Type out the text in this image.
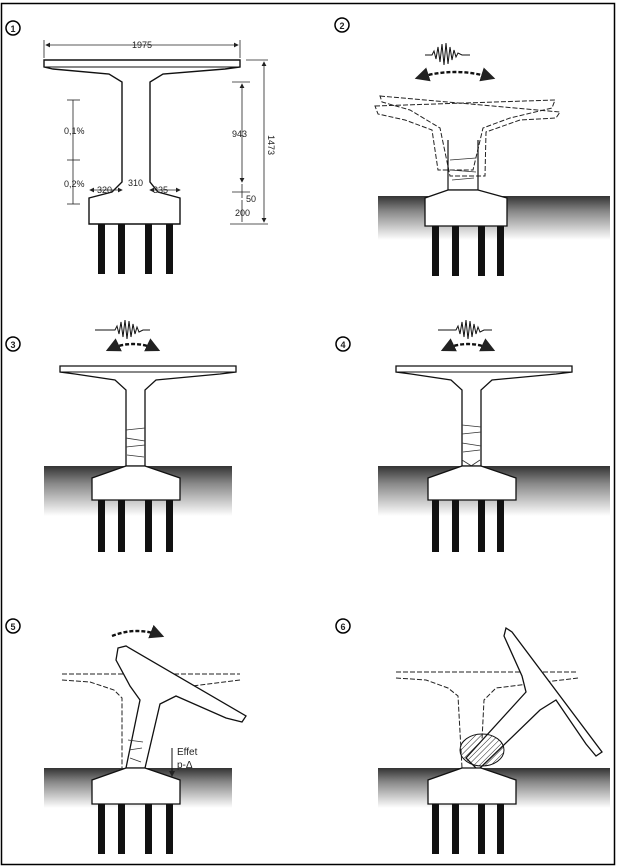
1
1975
1473
943
50
200
320
310
335
0,1%
0,2%
2
3	4
5
Effet
p-Δ
6
